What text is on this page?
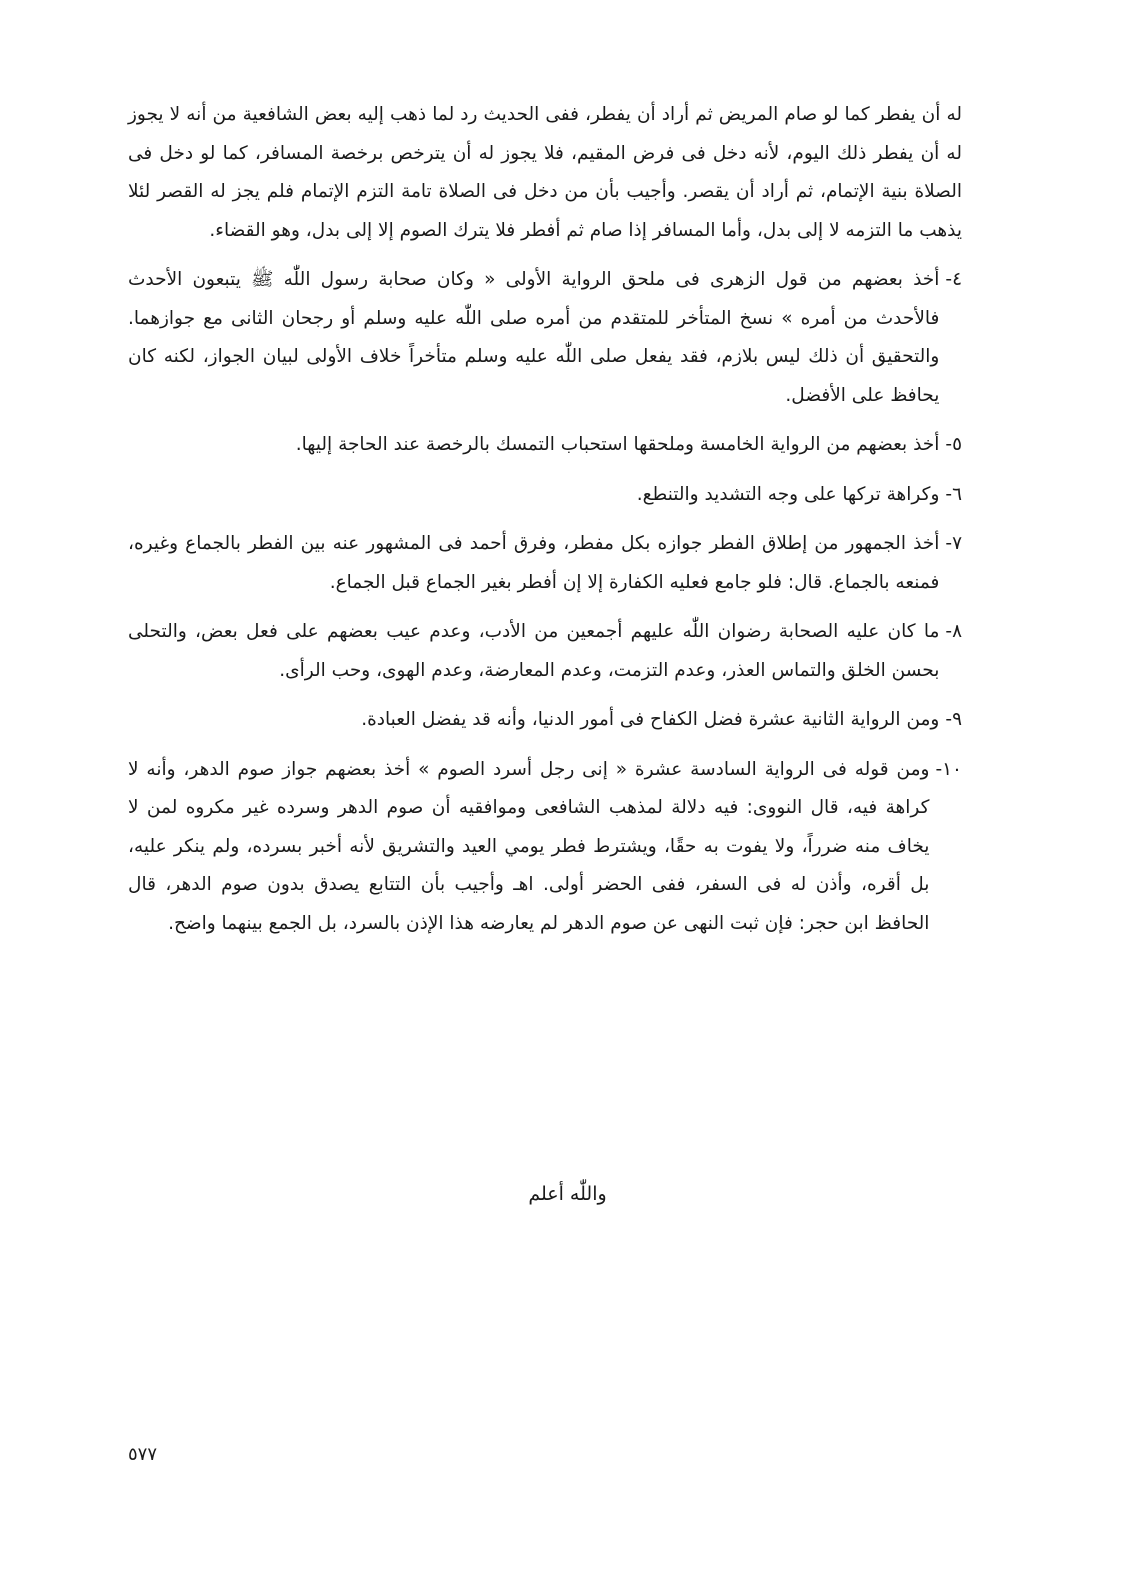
له أن يفطر كما لو صام المريض ثم أراد أن يفطر، ففى الحديث رد لما ذهب إليه بعض الشافعية من أنه لا يجوز له أن يفطر ذلك اليوم، لأنه دخل فى فرض المقيم، فلا يجوز له أن يترخص برخصة المسافر، كما لو دخل فى الصلاة بنية الإتمام، ثم أراد أن يقصر. وأجيب بأن من دخل فى الصلاة تامة التزم الإتمام فلم يجز له القصر لئلا يذهب ما التزمه لا إلى بدل، وأما المسافر إذا صام ثم أفطر فلا يترك الصوم إلا إلى بدل، وهو القضاء.

٤-
أخذ بعضهم من قول الزهرى فى ملحق الرواية الأولى « وكان صحابة رسول اللّٰه ﷺ يتبعون الأحدث فالأحدث من أمره » نسخ المتأخر للمتقدم من أمره صلى اللّٰه عليه وسلم أو رجحان الثانى مع جوازهما. والتحقيق أن ذلك ليس بلازم، فقد يفعل صلى اللّٰه عليه وسلم متأخراً خلاف الأولى لبيان الجواز، لكنه كان يحافظ على الأفضل.
٥-
أخذ بعضهم من الرواية الخامسة وملحقها استحباب التمسك بالرخصة عند الحاجة إليها.
٦-
وكراهة تركها على وجه التشديد والتنطع.
٧-
أخذ الجمهور من إطلاق الفطر جوازه بكل مفطر، وفرق أحمد فى المشهور عنه بين الفطر بالجماع وغيره، فمنعه بالجماع. قال: فلو جامع فعليه الكفارة إلا إن أفطر بغير الجماع قبل الجماع.
٨-
ما كان عليه الصحابة رضوان اللّٰه عليهم أجمعين من الأدب، وعدم عيب بعضهم على فعل بعض، والتحلى بحسن الخلق والتماس العذر، وعدم التزمت، وعدم المعارضة، وعدم الهوى، وحب الرأى.
٩-
ومن الرواية الثانية عشرة فضل الكفاح فى أمور الدنيا، وأنه قد يفضل العبادة.
١٠-
ومن قوله فى الرواية السادسة عشرة « إنى رجل أسرد الصوم » أخذ بعضهم جواز صوم الدهر، وأنه لا كراهة فيه، قال النووى: فيه دلالة لمذهب الشافعى وموافقيه أن صوم الدهر وسرده غير مكروه لمن لا يخاف منه ضرراً، ولا يفوت به حقًا، ويشترط فطر يومي العيد والتشريق لأنه أخبر بسرده، ولم ينكر عليه، بل أقره، وأذن له فى السفر، ففى الحضر أولى. اهـ وأجيب بأن التتابع يصدق بدون صوم الدهر، قال الحافظ ابن حجر: فإن ثبت النهى عن صوم الدهر لم يعارضه هذا الإذن بالسرد، بل الجمع بينهما واضح.
واللّٰه أعلم
٥٧٧
